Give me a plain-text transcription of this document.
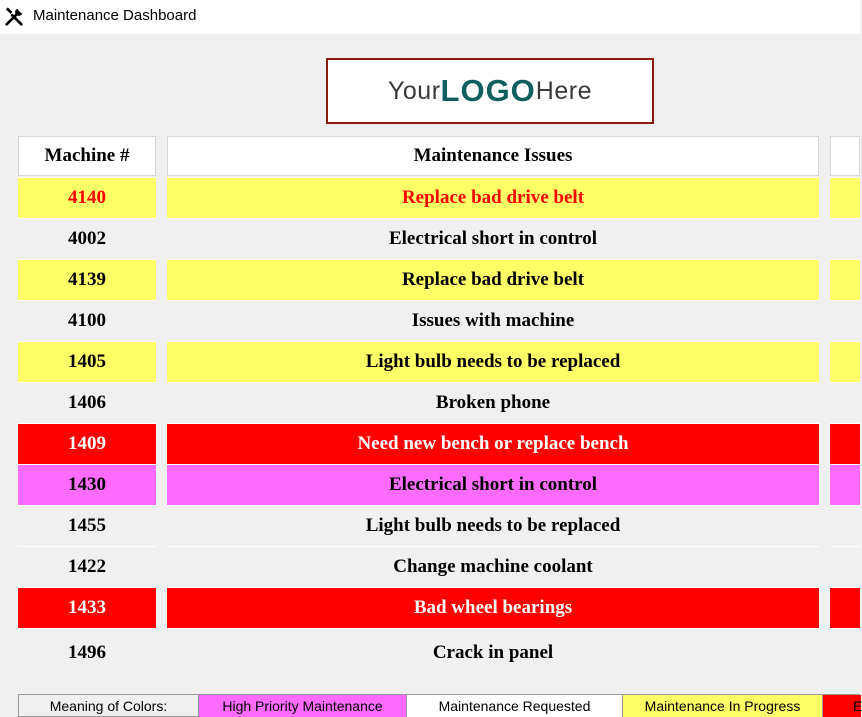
Maintenance Dashboard
Your LOGO Here
Machine #	Maintenance Issues
4140	Replace bad drive belt
4002	Electrical short in control
4139	Replace bad drive belt
4100	Issues with machine
1405	Light bulb needs to be replaced
1406	Broken phone
1409	Need new bench or replace bench
1430	Electrical short in control
1455	Light bulb needs to be replaced
1422	Change machine coolant
1433	Bad wheel bearings
1496	Crack in panel
Meaning of Colors:	High Priority Maintenance	Maintenance Requested	Maintenance In Progress	E
